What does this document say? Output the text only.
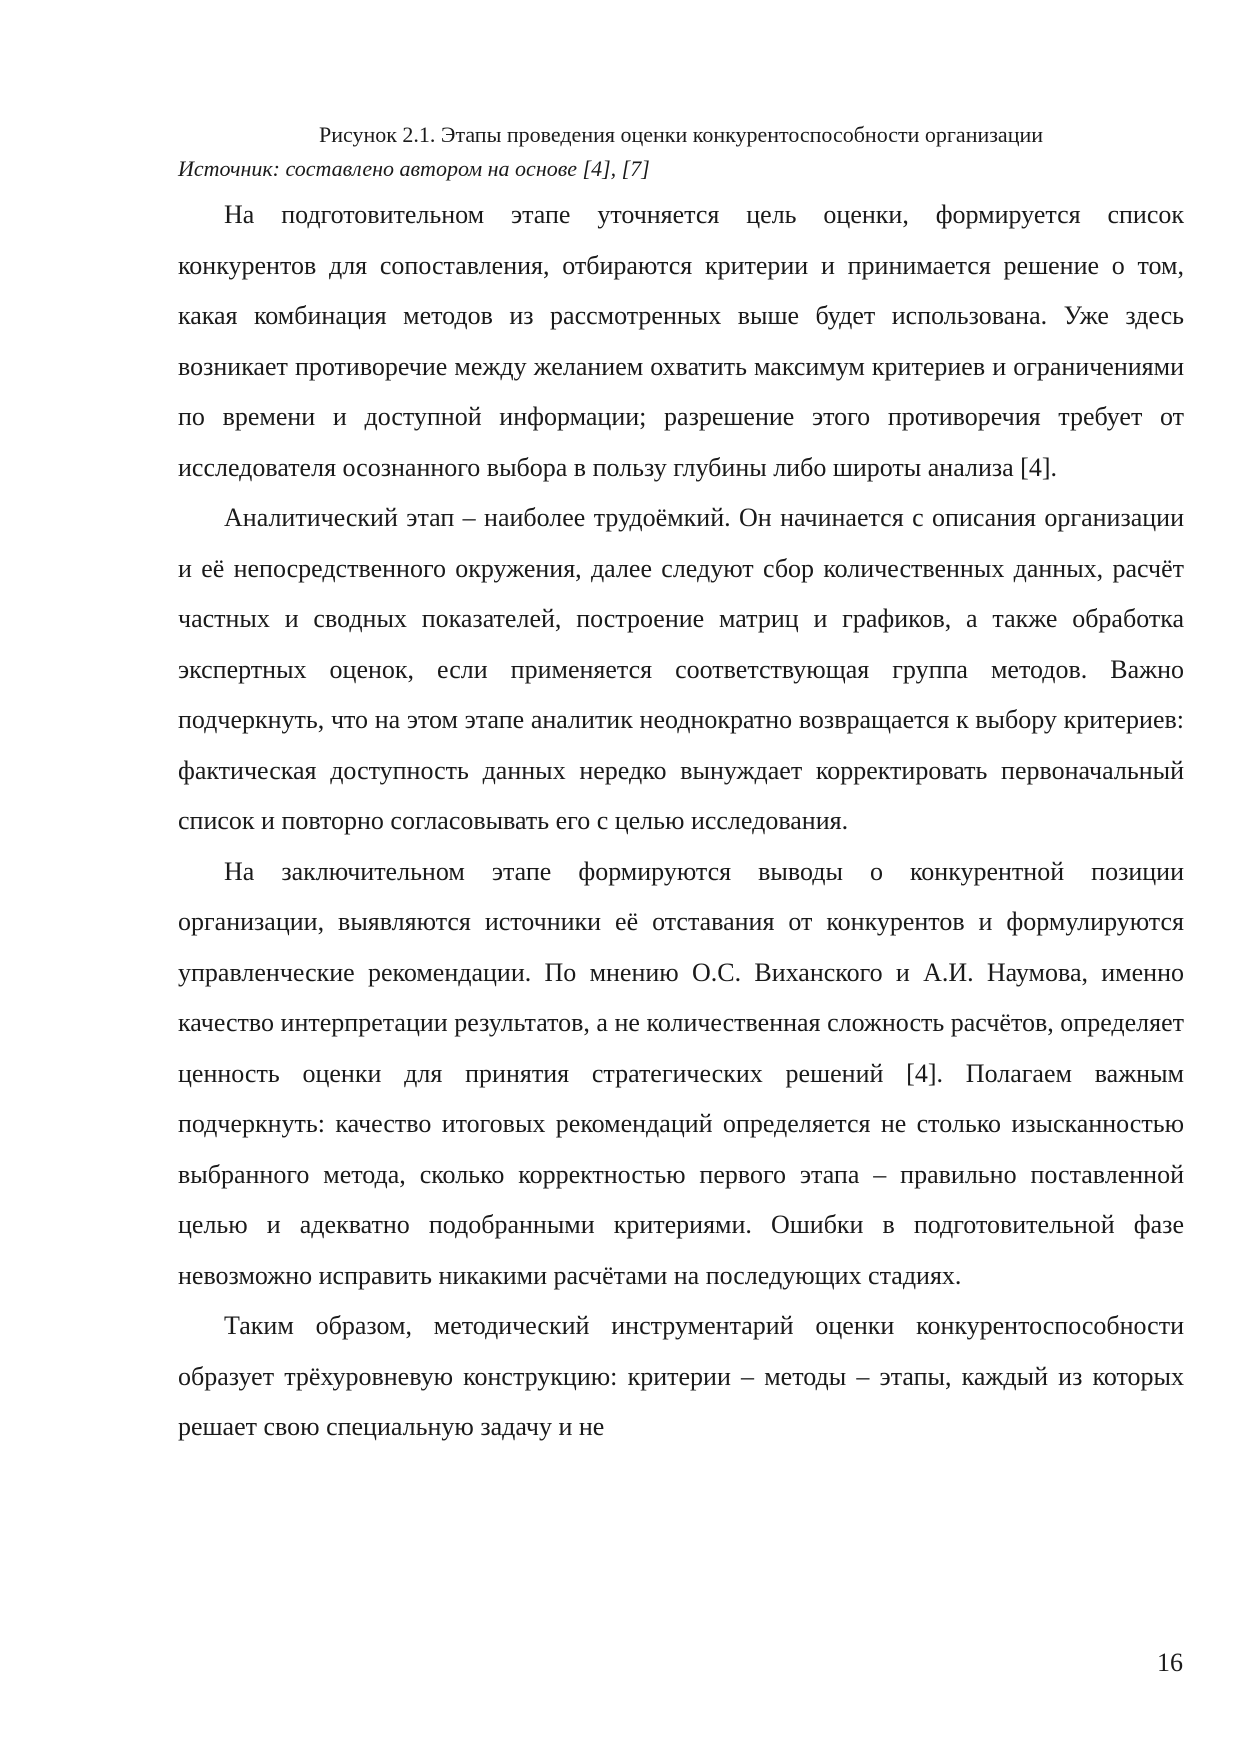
Рисунок 2.1. Этапы проведения оценки конкурентоспособности организации

Источник: составлено автором на основе [4], [7]

На подготовительном этапе уточняется цель оценки, формируется список конкурентов для сопоставления, отбираются критерии и принимается решение о том, какая комбинация методов из рассмотренных выше будет использована. Уже здесь возникает противоречие между желанием охватить максимум критериев и ограничениями по времени и доступной информации; разрешение этого противоречия требует от исследователя осознанного выбора в пользу глубины либо широты анализа [4].

Аналитический этап – наиболее трудоёмкий. Он начинается с описания организации и её непосредственного окружения, далее следуют сбор количественных данных, расчёт частных и сводных показателей, построение матриц и графиков, а также обработка экспертных оценок, если применяется соответствующая группа методов. Важно подчеркнуть, что на этом этапе аналитик неоднократно возвращается к выбору критериев: фактическая доступность данных нередко вынуждает корректировать первоначальный список и повторно согласовывать его с целью исследования.

На заключительном этапе формируются выводы о конкурентной позиции организации, выявляются источники её отставания от конкурентов и формулируются управленческие рекомендации. По мнению О.С. Виханского и А.И. Наумова, именно качество интерпретации результатов, а не количественная сложность расчётов, определяет ценность оценки для принятия стратегических решений [4]. Полагаем важным подчеркнуть: качество итоговых рекомендаций определяется не столько изысканностью выбранного метода, сколько корректностью первого этапа – правильно поставленной целью и адекватно подобранными критериями. Ошибки в подготовительной фазе невозможно исправить никакими расчётами на последующих стадиях.

Таким образом, методический инструментарий оценки конкурентоспособности образует трёхуровневую конструкцию: критерии – методы – этапы, каждый из которых решает свою специальную задачу и не

16
